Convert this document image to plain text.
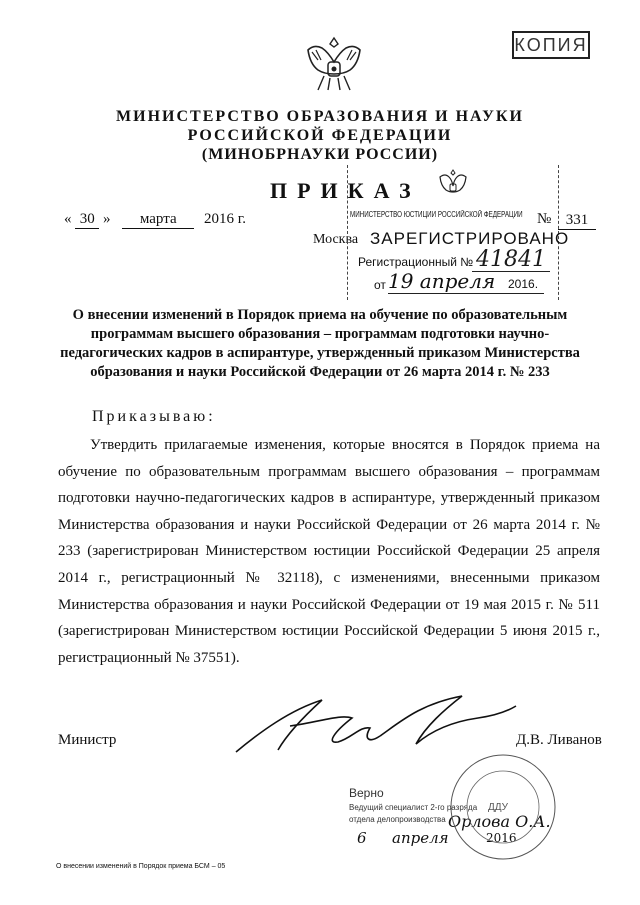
КОПИЯ
МИНИСТЕРСТВО ОБРАЗОВАНИЯ И НАУКИ
РОССИЙСКОЙ ФЕДЕРАЦИИ
(МИНОБРНАУКИ РОССИИ)
ПРИКАЗ
« 30 » марта 2016 г.	№ 331
Москва
МИНИСТЕРСТВО ЮСТИЦИИ РОССИЙСКОЙ ФЕДЕРАЦИИ
ЗАРЕГИСТРИРОВАНО
Регистрационный № 41841
от 19 апреля 2016.
О внесении изменений в Порядок приема на обучение по образовательным
программам высшего образования – программам подготовки научно-
педагогических кадров в аспирантуре, утвержденный приказом Министерства
образования и науки Российской Федерации от 26 марта 2014 г. № 233
Приказываю:

Утвердить прилагаемые изменения, которые вносятся в Порядок приема на обучение по образовательным программам высшего образования – программам подготовки научно-педагогических кадров в аспирантуре, утвержденный приказом Министерства образования и науки Российской Федерации от 26 марта 2014 г. № 233 (зарегистрирован Министерством юстиции Российской Федерации 25 апреля 2014 г., регистрационный № 32118), с изменениями, внесенными приказом Министерства образования и науки Российской Федерации от 19 мая 2015 г. № 511 (зарегистрирован Министерством юстиции Российской Федерации 5 июня 2015 г., регистрационный № 37551).

Министр	Д.В. Ливанов
Верно
Ведущий специалист 2-го разряда
отдела делопроизводства Орлова О.А.
6 апреля	2016
ДДУ
О внесении изменений в Порядок приема БСМ – 05
